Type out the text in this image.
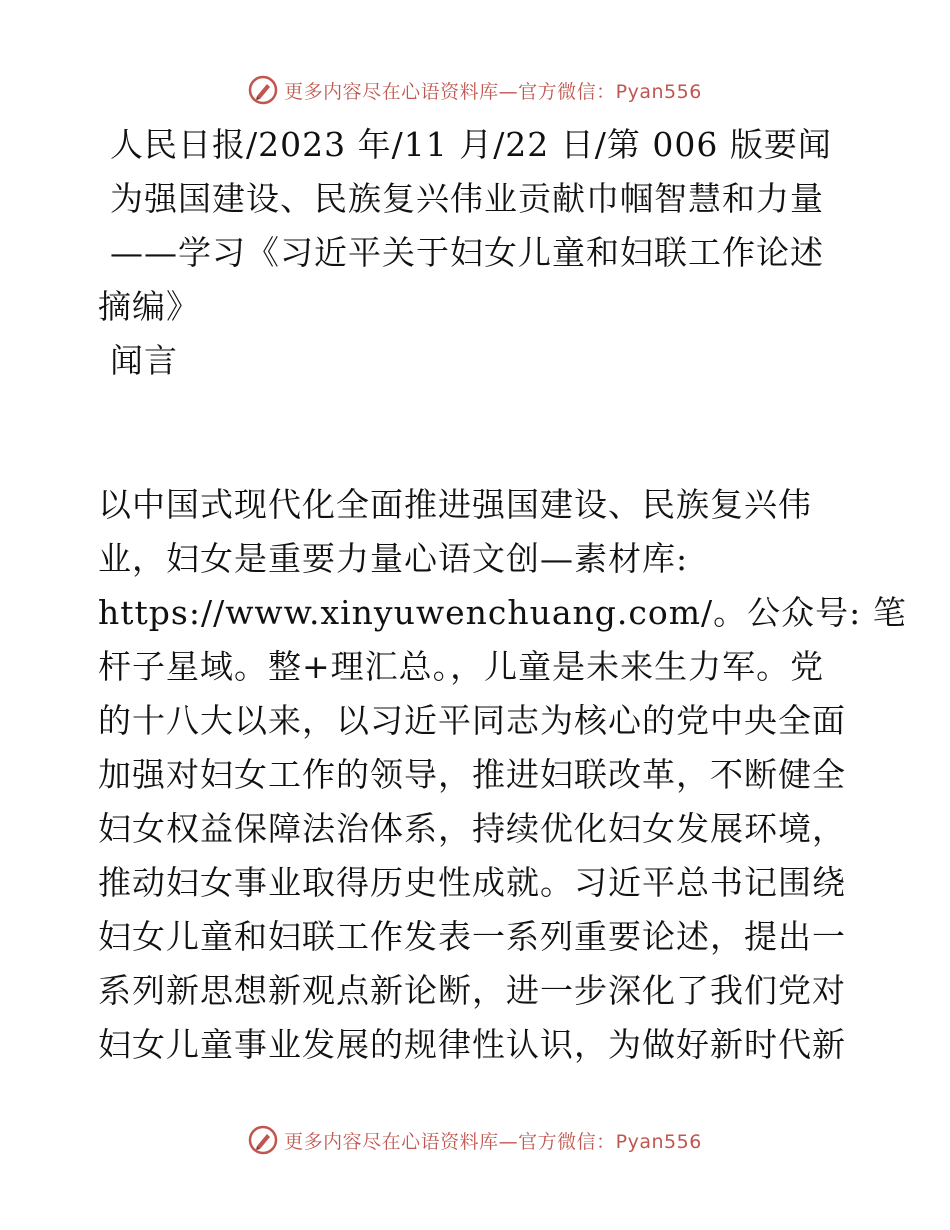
更多内容尽在心语资料库—官方微信：Pyan556
人民日报/2023 年/11 月/22 日/第 006 版要闻
为强国建设、民族复兴伟业贡献巾帼智慧和力量
——学习《习近平关于妇女儿童和妇联工作论述
摘编》
闻言
以中国式现代化全面推进强国建设、民族复兴伟
业，妇女是重要力量心语文创—素材库:
https://www.xinyuwenchuang.com/。公众号: 笔
杆子星域。整+理汇总。，儿童是未来生力军。党
的十八大以来，以习近平同志为核心的党中央全面
加强对妇女工作的领导，推进妇联改革，不断健全
妇女权益保障法治体系，持续优化妇女发展环境，
推动妇女事业取得历史性成就。习近平总书记围绕
妇女儿童和妇联工作发表一系列重要论述，提出一
系列新思想新观点新论断，进一步深化了我们党对
妇女儿童事业发展的规律性认识，为做好新时代新
更多内容尽在心语资料库—官方微信：Pyan556
